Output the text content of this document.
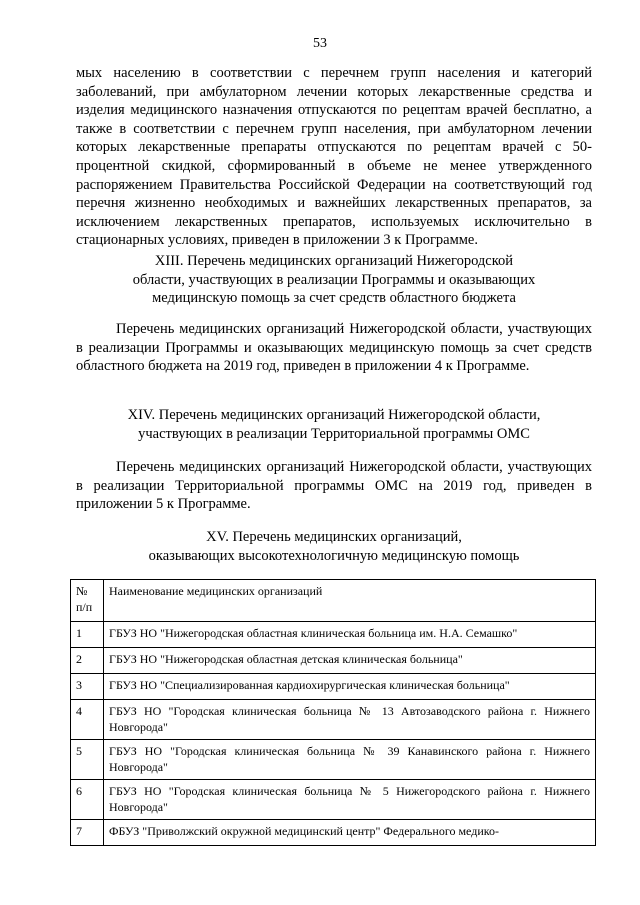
53

мых населению в соответствии с перечнем групп населения и категорий заболеваний, при амбулаторном лечении которых лекарственные средства и изделия медицинского назначения отпускаются по рецептам врачей бесплатно, а также в соответствии с перечнем групп населения, при амбулаторном лечении которых лекарственные препараты отпускаются по рецептам врачей с 50-процентной скидкой, сформированный в объеме не менее утвержденного распоряжением Правительства Российской Федерации на соответствующий год перечня жизненно необходимых и важнейших лекарственных препаратов, за исключением лекарственных препаратов, используемых исключительно в стационарных условиях, приведен в приложении 3 к Программе.

XIII. Перечень медицинских организаций Нижегородской
области, участвующих в реализации Программы и оказывающих
медицинскую помощь за счет средств областного бюджета

Перечень медицинских организаций Нижегородской области, участвующих в реализации Программы и оказывающих медицинскую помощь за счет средств областного бюджета на 2019 год, приведен в приложении 4 к Программе.

XIV. Перечень медицинских организаций Нижегородской области,
участвующих в реализации Территориальной программы ОМС

Перечень медицинских организаций Нижегородской области, участвующих в реализации Территориальной программы ОМС на 2019 год, приведен в приложении 5 к Программе.

XV. Перечень медицинских организаций,
оказывающих высокотехнологичную медицинскую помощь
№ п/п	Наименование медицинских организаций
1	ГБУЗ НО "Нижегородская областная клиническая больница им. Н.А. Семашко"
2	ГБУЗ НО "Нижегородская областная детская клиническая больница"
3	ГБУЗ НО "Специализированная кардиохирургическая клиническая больница"
4	ГБУЗ НО "Городская клиническая больница № 13 Автозаводского района г. Нижнего Новгорода"
5	ГБУЗ НО "Городская клиническая больница № 39 Канавинского района г. Нижнего Новгорода"
6	ГБУЗ НО "Городская клиническая больница № 5 Нижегородского района г. Нижнего Новгорода"
7	ФБУЗ "Приволжский окружной медицинский центр" Федерального медико-
